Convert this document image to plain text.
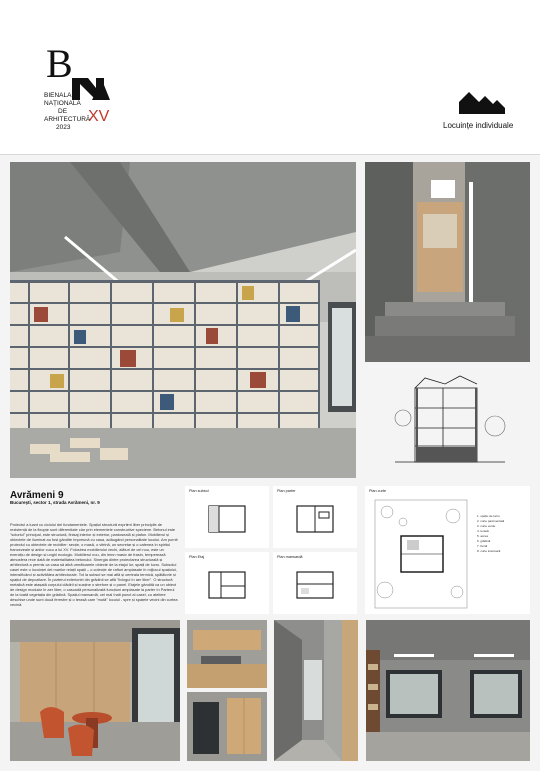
B
BIENALA
NAȚIONALĂ
DE
ARHITECTURĂ
2023
XV
Locuințe individuale
Avrămeni 9
București, sector 1, strada Avrămeni, nr. 9
Proiectul a luant cu ciclului dei fundamentele. Spațiul structură expriimt liber principile de rezistență de la fixopțe sunt diferentiate clar prin elementele constructive speciene. Betonul este "sctoriul" principal, este structură, finisaj interior și exterior, pardoseală și plafon. Mobilierul și obiectele de iluminat au fost gândite împreună cu casa, adăugând personalitate locului. Am pornit proiectul cu obiectele de mobilier: secție, o masă, o vitrină, un secretar și o cafenea în spiritul francezeale și anilor cucu a lui XV. Folosirea mobilierului vechi, alături de cel nou, este un exercițiu de design și unghi ecologic. Mobilierul nou, din lemn masiv de frasin, temperează atmosfera rece dată de materialitatea betonului. Sinergia dintre proiectarea structurală și arhitectură a permis ca casa să aibă următoarele obiecte de la etajul lor, spații de lucru. Subsolul casei este o locuinței dei marilor relații spații – o colecție de rafturi amplasate în mijlocul spațiului, intensificând și activitătea arhitecturale. Tot la subsol se mai află și centrala termică, spălătorie și spațiul de depozitare. În parterul exterioriei din grădinii se află "livingul în aer liber". O structură metalică este atașată corpului clădirii și susține o strefore și o panel. Etajele gândită ca un obiect de design modular în aer liber, o cascadă personalizată funcțiuni amplasate la parter în Parterul de la toată vegetația din grădină. Spațiul mansardă, cel mai înalt punct al casei, cu ateliere deschise unde sunt două ferestre și o terasă care "mută" locuiul - spre și spațele vecini din curtea vecină.
Plan subsol	Plan parter
Plan Etaj	Plan mansardă
Plan curte
1. spațiu de lucru
2. curte pavimentată
3. curte verde
4. terasă
5. acces
6. grădină
7. livină
8. curte interioară
